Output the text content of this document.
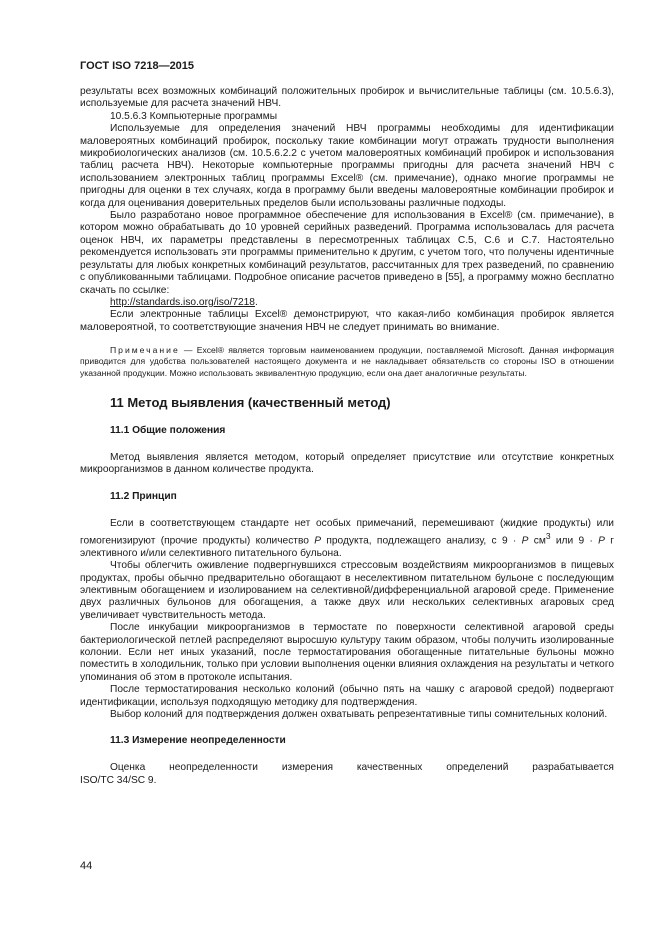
ГОСТ ISO 7218—2015

результаты всех возможных комбинаций положительных пробирок и вычислительные таблицы (см. 10.5.6.3), используемые для расчета значений НВЧ.

10.5.6.3 Компьютерные программы

Используемые для определения значений НВЧ программы необходимы для идентификации маловероятных комбинаций пробирок, поскольку такие комбинации могут отражать трудности выполнения микробиологических анализов (см. 10.5.6.2.2 с учетом маловероятных комбинаций пробирок и использования таблиц расчета НВЧ). Некоторые компьютерные программы пригодны для расчета значений НВЧ с использованием электронных таблиц программы Excel® (см. примечание), однако многие программы не пригодны для оценки в тех случаях, когда в программу были введены маловероятные комбинации пробирок и когда для оценивания доверительных пределов были использованы различные подходы.

Было разработано новое программное обеспечение для использования в Excel® (см. примечание), в котором можно обрабатывать до 10 уровней серийных разведений. Программа использовалась для расчета оценок НВЧ, их параметры представлены в пересмотренных таблицах С.5, С.6 и С.7. Настоятельно рекомендуется использовать эти программы применительно к другим, с учетом того, что получены идентичные результаты для любых конкретных комбинаций результатов, рассчитанных для трех разведений, по сравнению с опубликованными таблицами. Подробное описание расчетов приведено в [55], а программу можно бесплатно скачать по ссылке:

http://standards.iso.org/iso/7218.

Если электронные таблицы Excel® демонстрируют, что какая-либо комбинация пробирок является маловероятной, то соответствующие значения НВЧ не следует принимать во внимание.

Примечание — Excel® является торговым наименованием продукции, поставляемой Microsoft. Данная информация приводится для удобства пользователей настоящего документа и не накладывает обязательств со стороны ISO в отношении указанной продукции. Можно использовать эквивалентную продукцию, если она дает аналогичные результаты.

11 Метод выявления (качественный метод)
11.1 Общие положения

Метод выявления является методом, который определяет присутствие или отсутствие конкретных микроорганизмов в данном количестве продукта.

11.2 Принцип

Если в соответствующем стандарте нет особых примечаний, перемешивают (жидкие продукты) или гомогенизируют (прочие продукты) количество P продукта, подлежащего анализу, с 9 · P $см^3$ или 9 · P г элективного и/или селективного питательного бульона.

Чтобы облегчить оживление подвергнувшихся стрессовым воздействиям микроорганизмов в пищевых продуктах, пробы обычно предварительно обогащают в неселективном питательном бульоне с последующим элективным обогащением и изолированием на селективной/дифференциальной агаровой среде. Применение двух различных бульонов для обогащения, а также двух или нескольких селективных агаровых сред увеличивает чувствительность метода.

После инкубации микроорганизмов в термостате по поверхности селективной агаровой среды бактериологической петлей распределяют выросшую культуру таким образом, чтобы получить изолированные колонии. Если нет иных указаний, после термостатирования обогащенные питательные бульоны можно поместить в холодильник, только при условии выполнения оценки влияния охлаждения на результаты и четкого упоминания об этом в протоколе испытания.

После термостатирования несколько колоний (обычно пять на чашку с агаровой средой) подвергают идентификации, используя подходящую методику для подтверждения.

Выбор колоний для подтверждения должен охватывать репрезентативные типы сомнительных колоний.

11.3 Измерение неопределенности

Оценка неопределенности измерения качественных определений разрабатывается

ISO/TC 34/SC 9.

44
